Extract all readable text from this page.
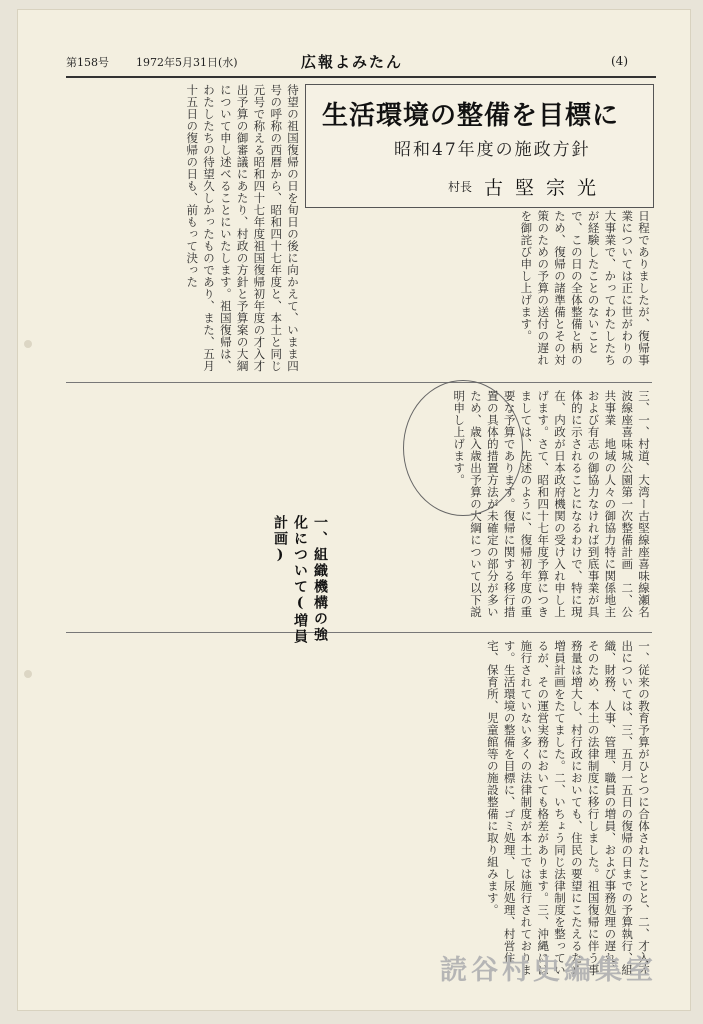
第158号 1972年5月31日(水)	広報よみたん	(4)
生活環境の整備を目標に
昭和47年度の施政方針
村長 古堅宗光
待望の祖国復帰の日を旬日の後に向かえて、いまま四号の呼称の西暦から、昭和四十七年度と、本土と同じ元号で称える昭和四十七年度祖国復帰初年度の才入才出予算の御審議にあたり、村政の方針と予算案の大綱について申し述べることにいたします。祖国復帰は、わたしたちの待望久しかったものであり、また、五月十五日の復帰の日も、前もって決った	日程でありましたが、復帰事業については正に世がわりの大事業で、かってわたしたちが経験したことのないことで、この日の全体整備と柄のため、復帰の諸準備とその対策のための予算の送付の遅れを御詫び申し上げます。
三、一、村道、大湾ー古堅線座喜味線瀬名波線座喜味城公園第一次整備計画　二、公共事業　地域の人々の御協力特に関係地主および有志の御協力なければ到底事業が具体的に示されることになるわけで、特に現在、内政が日本政府機関の受け入れ申し上げます。さて、昭和四十七年度予算につきましては、先述のように、復帰初年度の重要な予算であります。復帰に関する移行措置の具体的措置方法が未確定の部分が多いため、歳入歳出予算の大綱について以下説明申し上げます。
一、従来の教育予算がひとつに合体されたことと、二、才入才出については、三、五月一五日の復帰の日までの予算執行、組織、財務、人事、管理、職員の増員、および事務処理の遅れ、そのため、本土の法律制度に移行しました。祖国復帰に伴う事務量は増大し、村行政においても、住民の要望にこたえるため増員計画をたてました。二、いちょう同じ法律制度を整っているが、その運営実務においても格差があります。三、沖縄には施行されていない多くの法律制度が本土では施行されております。生活環境の整備を目標に、ゴミ処理、し尿処理、村営住宅、保育所、児童館等の施設整備に取り組みます。
一、組織機構の強化について(増員計画)
読谷村史編集室
